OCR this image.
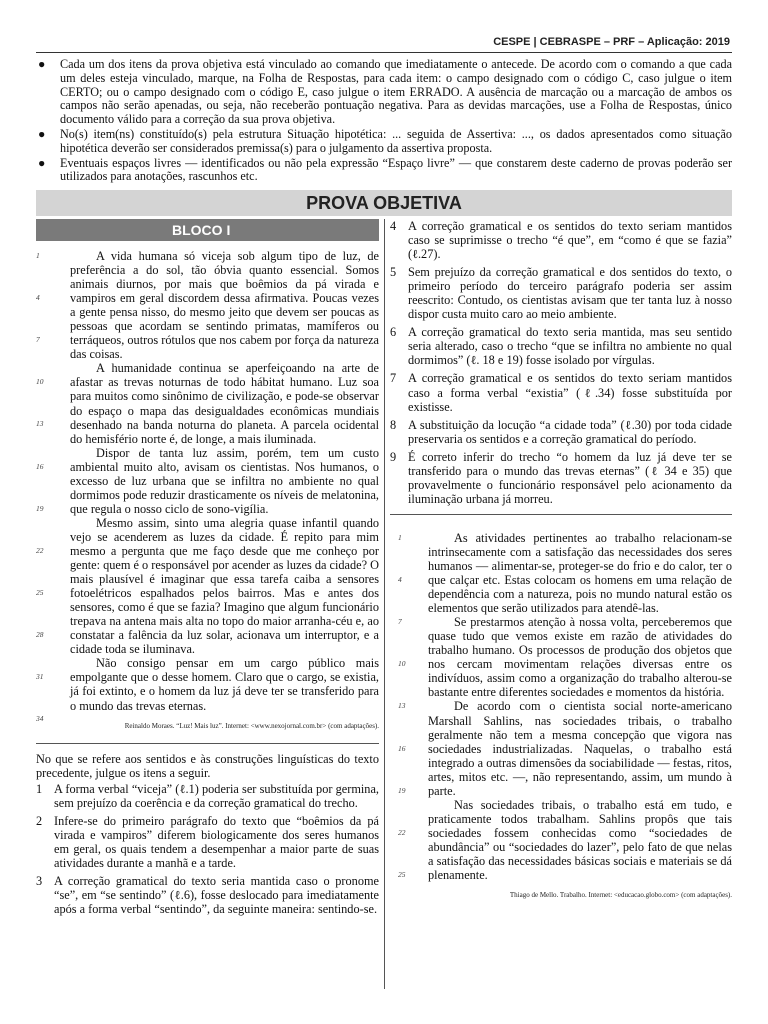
CESPE | CEBRASPE – PRF – Aplicação: 2019
●	Cada um dos itens da prova objetiva está vinculado ao comando que imediatamente o antecede. De acordo com o comando a que cada um deles esteja vinculado, marque, na Folha de Respostas, para cada item: o campo designado com o código C, caso julgue o item CERTO; ou o campo designado com o código E, caso julgue o item ERRADO. A ausência de marcação ou a marcação de ambos os campos não serão apenadas, ou seja, não receberão pontuação negativa. Para as devidas marcações, use a Folha de Respostas, único documento válido para a correção da sua prova objetiva.
●	No(s) item(ns) constituído(s) pela estrutura Situação hipotética: ... seguida de Assertiva: ..., os dados apresentados como situação hipotética deverão ser considerados premissa(s) para o julgamento da assertiva proposta.
●	Eventuais espaços livres — identificados ou não pela expressão “Espaço livre” — que constarem deste caderno de provas poderão ser utilizados para anotações, rascunhos etc.
PROVA OBJETIVA
BLOCO I
1
4
7
10
13
16
19
22
25
28
31
34

A vida humana só viceja sob algum tipo de luz, de preferência a do sol, tão óbvia quanto essencial. Somos animais diurnos, por mais que boêmios da pá virada e vampiros em geral discordem dessa afirmativa. Poucas vezes a gente pensa nisso, do mesmo jeito que devem ser poucas as pessoas que acordam se sentindo primatas, mamíferos ou terráqueos, outros rótulos que nos cabem por força da natureza das coisas.

A humanidade continua se aperfeiçoando na arte de afastar as trevas noturnas de todo hábitat humano. Luz soa para muitos como sinônimo de civilização, e pode-se observar do espaço o mapa das desigualdades econômicas mundiais desenhado na banda noturna do planeta. A parcela ocidental do hemisfério norte é, de longe, a mais iluminada.

Dispor de tanta luz assim, porém, tem um custo ambiental muito alto, avisam os cientistas. Nos humanos, o excesso de luz urbana que se infiltra no ambiente no qual dormimos pode reduzir drasticamente os níveis de melatonina, que regula o nosso ciclo de sono-vigília.

Mesmo assim, sinto uma alegria quase infantil quando vejo se acenderem as luzes da cidade. É repito para mim mesmo a pergunta que me faço desde que me conheço por gente: quem é o responsável por acender as luzes da cidade? O mais plausível é imaginar que essa tarefa caiba a sensores fotoelétricos espalhados pelos bairros. Mas e antes dos sensores, como é que se fazia? Imagino que algum funcionário trepava na antena mais alta no topo do maior arranha-céu e, ao constatar a falência da luz solar, acionava um interruptor, e a cidade toda se iluminava.

Não consigo pensar em um cargo público mais empolgante que o desse homem. Claro que o cargo, se existia, já foi extinto, e o homem da luz já deve ter se transferido para o mundo das trevas eternas.

Reinaldo Moraes. “Luz! Mais luz”. Internet: <www.nexojornal.com.br> (com adaptações).
No que se refere aos sentidos e às construções linguísticas do texto precedente, julgue os itens a seguir.
1 A forma verbal “viceja” (ℓ.1) poderia ser substituída por germina, sem prejuízo da coerência e da correção gramatical do trecho.
2 Infere-se do primeiro parágrafo do texto que “boêmios da pá virada e vampiros” diferem biologicamente dos seres humanos em geral, os quais tendem a desempenhar a maior parte de suas atividades durante a manhã e a tarde.
3 A correção gramatical do texto seria mantida caso o pronome “se”, em “se sentindo” (ℓ.6), fosse deslocado para imediatamente após a forma verbal “sentindo”, da seguinte maneira: sentindo-se.
4 A correção gramatical e os sentidos do texto seriam mantidos caso se suprimisse o trecho “é que”, em “como é que se fazia” (ℓ.27).
5 Sem prejuízo da correção gramatical e dos sentidos do texto, o primeiro período do terceiro parágrafo poderia ser assim reescrito: Contudo, os cientistas avisam que ter tanta luz à nosso dispor custa muito caro ao meio ambiente.
6 A correção gramatical do texto seria mantida, mas seu sentido seria alterado, caso o trecho “que se infiltra no ambiente no qual dormimos” (ℓ. 18 e 19) fosse isolado por vírgulas.
7 A correção gramatical e os sentidos do texto seriam mantidos caso a forma verbal “existia” (ℓ.34) fosse substituída por existisse.
8 A substituição da locução “a cidade toda” (ℓ.30) por toda cidade preservaria os sentidos e a correção gramatical do período.
9 É correto inferir do trecho “o homem da luz já deve ter se transferido para o mundo das trevas eternas” (ℓ 34 e 35) que provavelmente o funcionário responsável pelo acionamento da iluminação urbana já morreu.
1
4
7
10
13
16
19
22
25

As atividades pertinentes ao trabalho relacionam-se intrinsecamente com a satisfação das necessidades dos seres humanos — alimentar-se, proteger-se do frio e do calor, ter o que calçar etc. Estas colocam os homens em uma relação de dependência com a natureza, pois no mundo natural estão os elementos que serão utilizados para atendê-las.

Se prestarmos atenção à nossa volta, perceberemos que quase tudo que vemos existe em razão de atividades do trabalho humano. Os processos de produção dos objetos que nos cercam movimentam relações diversas entre os indivíduos, assim como a organização do trabalho alterou-se bastante entre diferentes sociedades e momentos da história.

De acordo com o cientista social norte-americano Marshall Sahlins, nas sociedades tribais, o trabalho geralmente não tem a mesma concepção que vigora nas sociedades industrializadas. Naquelas, o trabalho está integrado a outras dimensões da sociabilidade — festas, ritos, artes, mitos etc. —, não representando, assim, um mundo à parte.

Nas sociedades tribais, o trabalho está em tudo, e praticamente todos trabalham. Sahlins propôs que tais sociedades fossem conhecidas como “sociedades de abundância” ou “sociedades do lazer”, pelo fato de que nelas a satisfação das necessidades básicas sociais e materiais se dá plenamente.

Thiago de Mello. Trabalho. Internet: <educacao.globo.com> (com adaptações).
